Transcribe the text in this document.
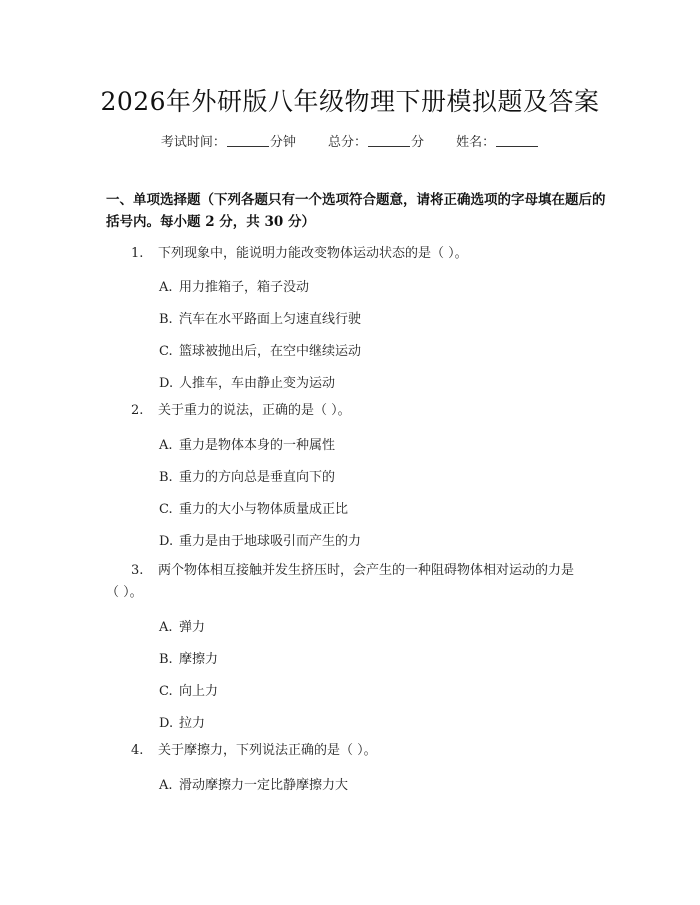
2026年外研版八年级物理下册模拟题及答案
考试时间：	分钟 总分：	分 姓名：
一、单项选择题（下列各题只有一个选项符合题意，请将正确选项的字母填在题后的括号内。每小题 2 分，共 30 分）
1. 下列现象中，能说明力能改变物体运动状态的是（ ）。
A. 用力推箱子，箱子没动
B. 汽车在水平路面上匀速直线行驶
C. 篮球被抛出后，在空中继续运动
D. 人推车，车由静止变为运动
2. 关于重力的说法，正确的是（ ）。
A. 重力是物体本身的一种属性
B. 重力的方向总是垂直向下的
C. 重力的大小与物体质量成正比
D. 重力是由于地球吸引而产生的力
3. 两个物体相互接触并发生挤压时，会产生的一种阻碍物体相对运动的力是
（ ）。
A. 弹力
B. 摩擦力
C. 向上力
D. 拉力
4. 关于摩擦力，下列说法正确的是（ ）。
A. 滑动摩擦力一定比静摩擦力大
